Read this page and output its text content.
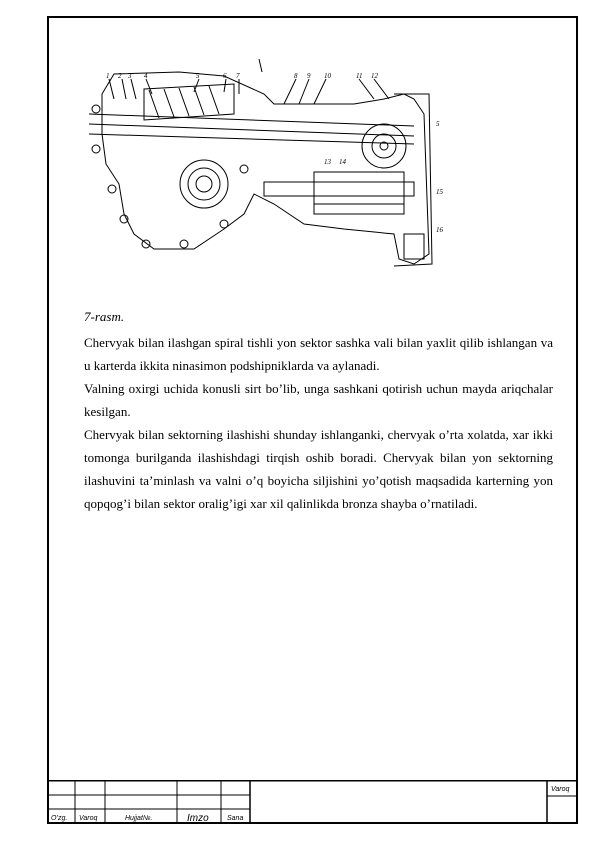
1 2 3 4	5	6 7	8 9 10	11 12
5
15
16
13 14
7-rasm.

Chervyak bilan ilashgan spiral tishli yon sektor sashka vali bilan yaxlit qilib ishlangan va u karterda ikkita ninasimon podshipniklarda va aylanadi.

Valning oxirgi uchida konusli sirt bo’lib, unga sashkani qotirish uchun mayda ariqchalar kesilgan.

Chervyak bilan sektorning ilashishi shunday ishlanganki, chervyak o’rta xolatda, xar ikki tomonga burilganda ilashishdagi tirqish oshib boradi. Chervyak bilan yon sektorning ilashuvini ta’minlash va valni o’q boyicha siljishini yo’qotish maqsadida karterning yon qopqog’i bilan sektor oralig’igi xar xil qalinlikda bronza shayba o’rnatiladi.

O’zg. Varoq	Hujjat№.	Imzo	Sana
Varoq
